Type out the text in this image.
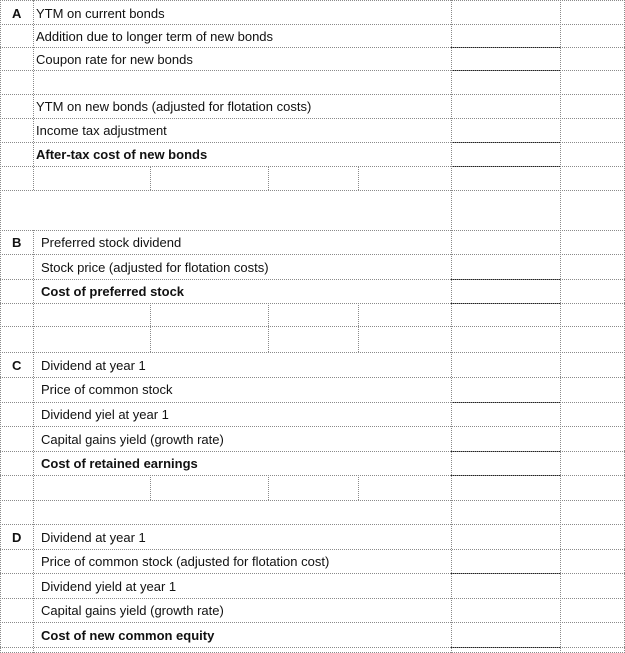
A YTM on current bonds
Addition due to longer term of new bonds
Coupon rate for new bonds
YTM on new bonds (adjusted for flotation costs)
Income tax adjustment
After-tax cost of new bonds
B Preferred stock dividend
Stock price (adjusted for flotation costs)
Cost of preferred stock
C Dividend at year 1
Price of common stock
Dividend yiel at year 1
Capital gains yield (growth rate)
Cost of retained earnings
D Dividend at year 1
Price of common stock (adjusted for flotation cost)
Dividend yield at year 1
Capital gains yield (growth rate)
Cost of new common equity
